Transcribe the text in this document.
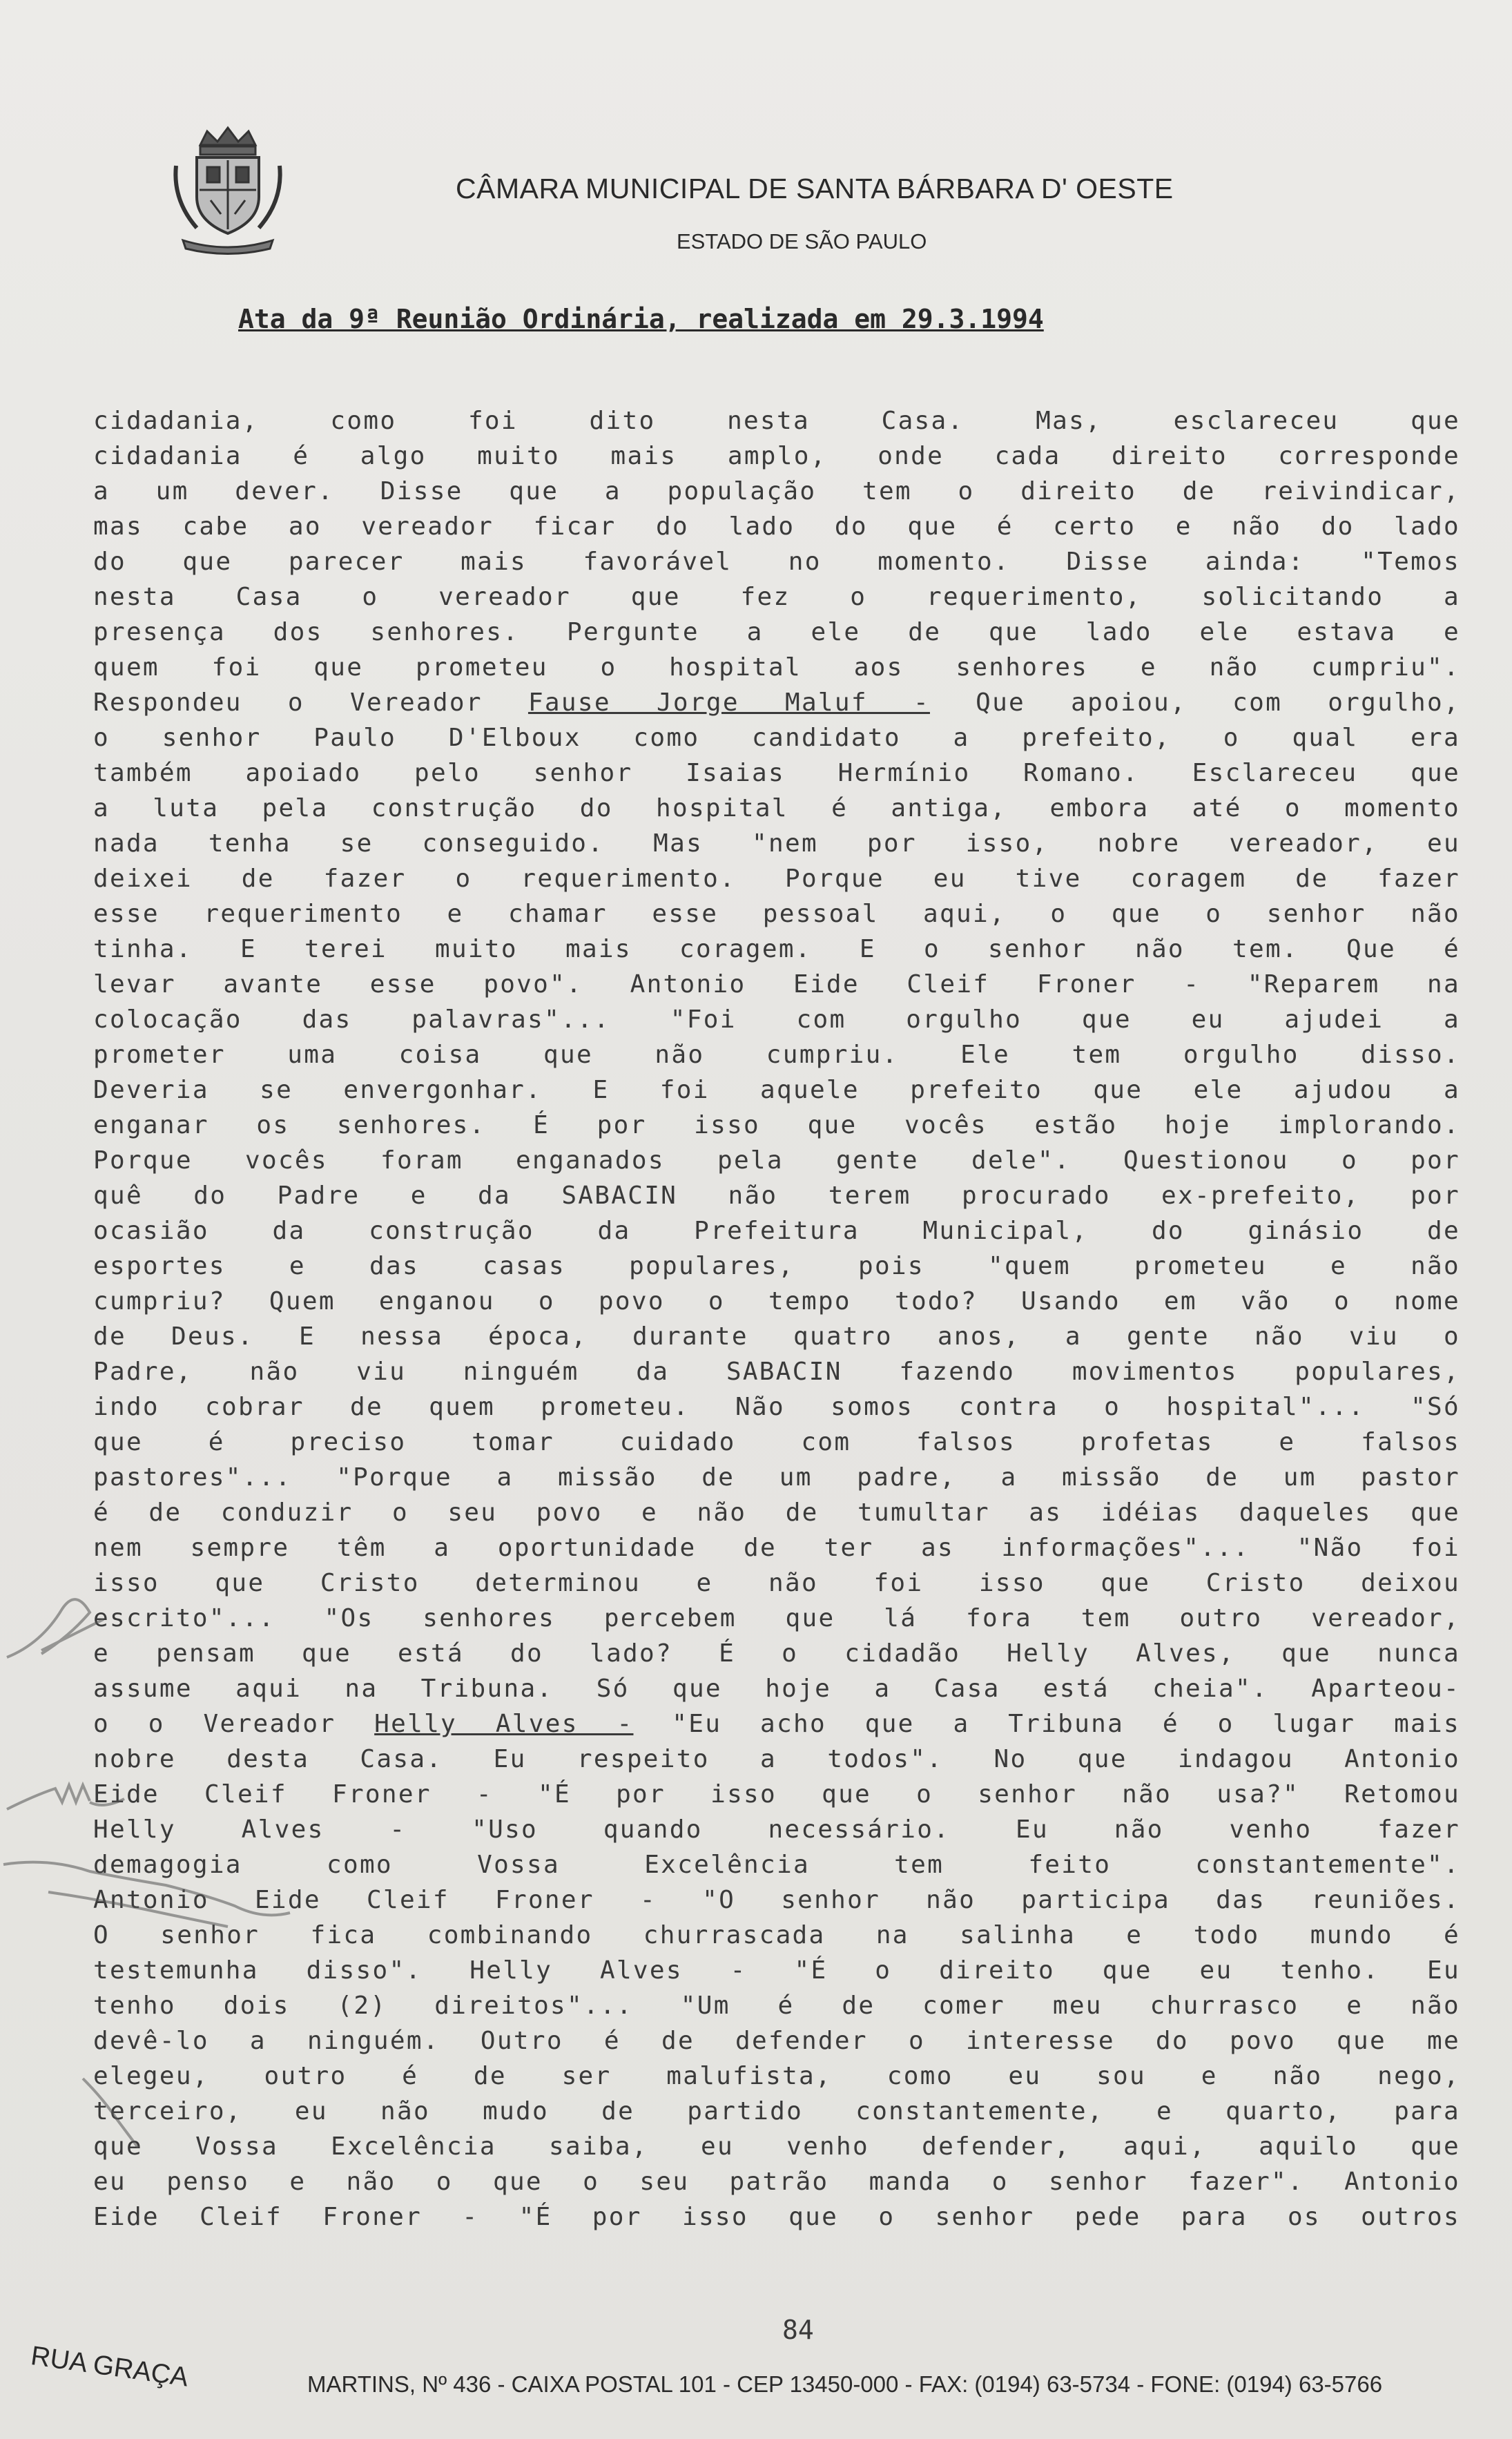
CÂMARA MUNICIPAL DE SANTA BÁRBARA D' OESTE
ESTADO DE SÃO PAULO
Ata da 9ª Reunião Ordinária, realizada em 29.3.1994
cidadania, como foi dito nesta Casa. Mas, esclareceu que
cidadania é algo muito mais amplo, onde cada direito corresponde
a um dever. Disse que a população tem o direito de reivindicar,
mas cabe ao vereador ficar do lado do que é certo e não do lado
do que parecer mais favorável no momento. Disse ainda: "Temos
nesta Casa o vereador que fez o requerimento, solicitando a
presença dos senhores. Pergunte a ele de que lado ele estava e
quem foi que prometeu o hospital aos senhores e não cumpriu".
Respondeu o Vereador Fause Jorge Maluf - Que apoiou, com orgulho,
o senhor Paulo D'Elboux como candidato a prefeito, o qual era
também apoiado pelo senhor Isaias Hermínio Romano. Esclareceu que
a luta pela construção do hospital é antiga, embora até o momento
nada tenha se conseguido. Mas "nem por isso, nobre vereador, eu
deixei de fazer o requerimento. Porque eu tive coragem de fazer
esse requerimento e chamar esse pessoal aqui, o que o senhor não
tinha. E terei muito mais coragem. E o senhor não tem. Que é
levar avante esse povo". Antonio Eide Cleif Froner - "Reparem na
colocação das palavras"... "Foi com orgulho que eu ajudei a
prometer uma coisa que não cumpriu. Ele tem orgulho disso.
Deveria se envergonhar. E foi aquele prefeito que ele ajudou a
enganar os senhores. É por isso que vocês estão hoje implorando.
Porque vocês foram enganados pela gente dele". Questionou o por
quê do Padre e da SABACIN não terem procurado ex-prefeito, por
ocasião da construção da Prefeitura Municipal, do ginásio de
esportes e das casas populares, pois "quem prometeu e não
cumpriu? Quem enganou o povo o tempo todo? Usando em vão o nome
de Deus. E nessa época, durante quatro anos, a gente não viu o
Padre, não viu ninguém da SABACIN fazendo movimentos populares,
indo cobrar de quem prometeu. Não somos contra o hospital"... "Só
que é preciso tomar cuidado com falsos profetas e falsos
pastores"... "Porque a missão de um padre, a missão de um pastor
é de conduzir o seu povo e não de tumultar as idéias daqueles que
nem sempre têm a oportunidade de ter as informações"... "Não foi
isso que Cristo determinou e não foi isso que Cristo deixou
escrito"... "Os senhores percebem que lá fora tem outro vereador,
e pensam que está do lado? É o cidadão Helly Alves, que nunca
assume aqui na Tribuna. Só que hoje a Casa está cheia". Aparteou-
o o Vereador Helly Alves - "Eu acho que a Tribuna é o lugar mais
nobre desta Casa. Eu respeito a todos". No que indagou Antonio
Eide Cleif Froner - "É por isso que o senhor não usa?" Retomou
Helly Alves - "Uso quando necessário. Eu não venho fazer
demagogia como Vossa Excelência tem feito constantemente".
Antonio Eide Cleif Froner - "O senhor não participa das reuniões.
O senhor fica combinando churrascada na salinha e todo mundo é
testemunha disso". Helly Alves - "É o direito que eu tenho. Eu
tenho dois (2) direitos"... "Um é de comer meu churrasco e não
devê-lo a ninguém. Outro é de defender o interesse do povo que me
elegeu, outro é de ser malufista, como eu sou e não nego,
terceiro, eu não mudo de partido constantemente, e quarto, para
que Vossa Excelência saiba, eu venho defender, aqui, aquilo que
eu penso e não o que o seu patrão manda o senhor fazer". Antonio
Eide Cleif Froner - "É por isso que o senhor pede para os outros
84
RUA GRAÇA	MARTINS, Nº 436 - CAIXA POSTAL 101 - CEP 13450-000 - FAX: (0194) 63-5734 - FONE: (0194) 63-5766
